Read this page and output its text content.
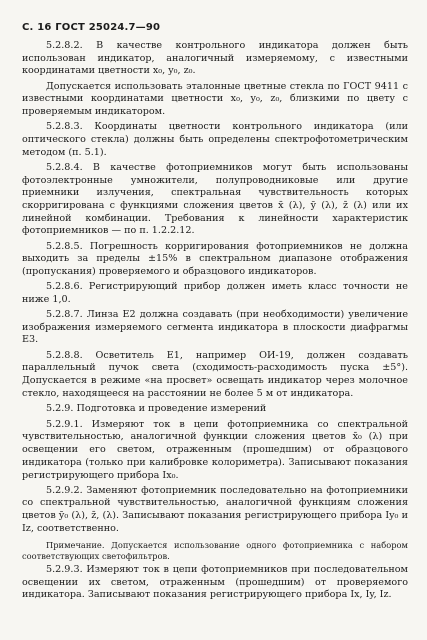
С. 16 ГОСТ 25024.7—90

5.2.8.2. В качестве контрольного индикатора должен быть использован индикатор, аналогичный измеряемому, с известными координатами цветности x₀, y₀, z₀.

Допускается использовать эталонные цветные стекла по ГОСТ 9411 с известными координатами цветности x₀, y₀, z₀, близкими по цвету с проверяемым индикатором.

5.2.8.3. Координаты цветности контрольного индикатора (или оптического стекла) должны быть определены спектрофотометрическим методом (п. 5.1).

5.2.8.4. В качестве фотоприемников могут быть использованы фотоэлектронные умножители, полупроводниковые или другие приемники излучения, спектральная чувствительность которых скорригирована с функциями сложения цветов x̄ (λ), ȳ (λ), z̄ (λ) или их линейной комбинации. Требования к линейности характеристик фотоприемников — по п. 1.2.2.12.

5.2.8.5. Погрешность корригирования фотоприемников не должна выходить за пределы ±15% в спектральном диапазоне отображения (пропускания) проверяемого и образцового индикаторов.

5.2.8.6. Регистрирующий прибор должен иметь класс точности не ниже 1,0.

5.2.8.7. Линза E2 должна создавать (при необходимости) увеличение изображения измеряемого сегмента индикатора в плоскости диафрагмы E3.

5.2.8.8. Осветитель E1, например ОИ-19, должен создавать параллельный пучок света (сходимость-расходимость пуска ±5°). Допускается в режиме «на просвет» освещать индикатор через молочное стекло, находящееся на расстоянии не более 5 м от индикатора.

5.2.9. Подготовка и проведение измерений

5.2.9.1. Измеряют ток в цепи фотоприемника со спектральной чувствительностью, аналогичной функции сложения цветов x̄₀ (λ) при освещении его светом, отраженным (прошедшим) от образцового индикатора (только при калибровке колориметра). Записывают показания регистрирующего прибора Ix₀.

5.2.9.2. Заменяют фотоприемник последовательно на фотоприемники со спектральной чувствительностью, аналогичной функциям сложения цветов ȳ₀ (λ), z̄, (λ). Записывают показания регистрирующего прибора Iy₀ и Iz, соответственно.

Примечание. Допускается использование одного фотоприемника с набором соответствующих светофильтров.

5.2.9.3. Измеряют ток в цепи фотоприемников при последовательном освещении их светом, отраженным (прошедшим) от проверяемого индикатора. Записывают показания регистрирующего прибора Ix, Iy, Iz.
